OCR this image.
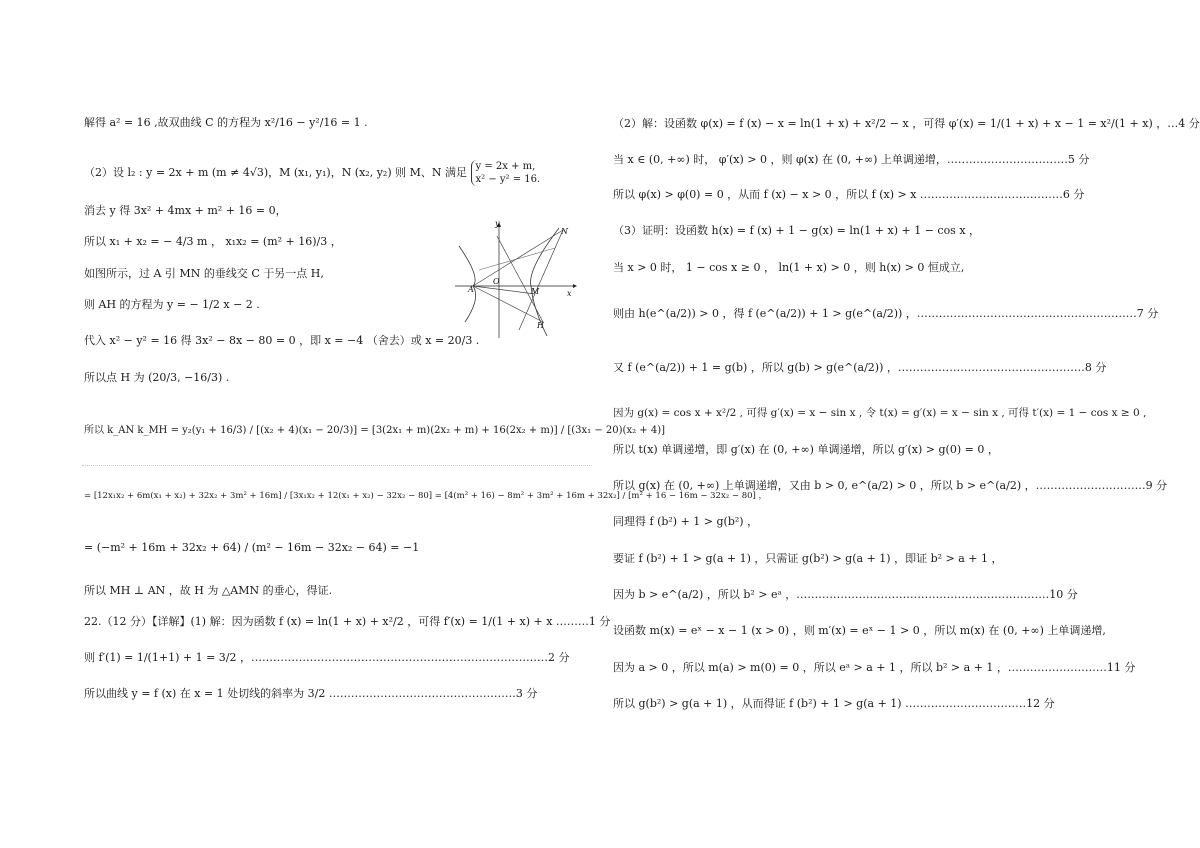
解得 a² = 16 ,故双曲线 C 的方程为 x²/16 − y²/16 = 1 .
（2）设 l₂ : y = 2x + m (m ≠ 4√3)，M (x₁, y₁)，N (x₂, y₂) 则 M、N 满足 y = 2x + m,
x² − y² = 16.
消去 y 得 3x² + 4mx + m² + 16 = 0，
所以 x₁ + x₂ = − 4/3 m ， x₁x₂ = (m² + 16)/3 ，
如图所示，过 A 引 MN 的垂线交 C 于另一点 H,
则 AH 的方程为 y = − 1/2 x − 2 .
代入 x² − y² = 16 得 3x² − 8x − 80 = 0 ，即 x = −4 （舍去）或 x = 20/3 .
所以点 H 为 (20/3, −16/3) .
所以 k_AN k_MH = y₂(y₁ + 16/3) / [(x₂ + 4)(x₁ − 20/3)] = [3(2x₁ + m)(2x₂ + m) + 16(2x₂ + m)] / [(3x₁ − 20)(x₂ + 4)]
= [12x₁x₂ + 6m(x₁ + x₂) + 32x₂ + 3m² + 16m] / [3x₁x₂ + 12(x₁ + x₂) − 32x₂ − 80] = [4(m² + 16) − 8m² + 3m² + 16m + 32x₂] / [m² + 16 − 16m − 32x₂ − 80] ，
= (−m² + 16m + 32x₂ + 64) / (m² − 16m − 32x₂ − 64) = −1
所以 MH ⊥ AN ，故 H 为 △AMN 的垂心，得证.
22.（12 分）【详解】(1) 解：因为函数 f (x) = ln(1 + x) + x²/2 ，可得 f′(x) = 1/(1 + x) + x ………1 分
则 f′(1) = 1/(1+1) + 1 = 3/2 ，………………………………………………………………………2 分
所以曲线 y = f (x) 在 x = 1 处切线的斜率为 3/2 ……………………………………………3 分
y
x
N
O
A	M
H
（2）解：设函数 φ(x) = f (x) − x = ln(1 + x) + x²/2 − x ，可得 φ′(x) = 1/(1 + x) + x − 1 = x²/(1 + x) ，…4 分
当 x ∈ (0, +∞) 时， φ′(x) > 0 ，则 φ(x) 在 (0, +∞) 上单调递增，……………………………5 分
所以 φ(x) > φ(0) = 0 ，从而 f (x) − x > 0 ，所以 f (x) > x …………………………………6 分
（3）证明：设函数 h(x) = f (x) + 1 − g(x) = ln(1 + x) + 1 − cos x ，
当 x > 0 时， 1 − cos x ≥ 0 ， ln(1 + x) > 0 ，则 h(x) > 0 恒成立,
则由 h(e^(a/2)) > 0 ，得 f (e^(a/2)) + 1 > g(e^(a/2)) ，……………………………………………………7 分
又 f (e^(a/2)) + 1 = g(b) ，所以 g(b) > g(e^(a/2)) ，……………………………………………8 分
因为 g(x) = cos x + x²/2 , 可得 g′(x) = x − sin x , 令 t(x) = g′(x) = x − sin x , 可得 t′(x) = 1 − cos x ≥ 0 ,
所以 t(x) 单调递增，即 g′(x) 在 (0, +∞) 单调递增，所以 g′(x) > g(0) = 0 ，
所以 g(x) 在 (0, +∞) 上单调递增，又由 b > 0, e^(a/2) > 0 ，所以 b > e^(a/2) ，…………………………9 分
同理得 f (b²) + 1 > g(b²) ，
要证 f (b²) + 1 > g(a + 1) ，只需证 g(b²) > g(a + 1) ，即证 b² > a + 1 ，
因为 b > e^(a/2) ，所以 b² > eᵃ ，……………………………………………………………10 分
设函数 m(x) = eˣ − x − 1 (x > 0) ，则 m′(x) = eˣ − 1 > 0 ，所以 m(x) 在 (0, +∞) 上单调递增,
因为 a > 0 ，所以 m(a) > m(0) = 0 ，所以 eᵃ > a + 1 ，所以 b² > a + 1 ，………………………11 分
所以 g(b²) > g(a + 1) ，从而得证 f (b²) + 1 > g(a + 1) ……………………………12 分
